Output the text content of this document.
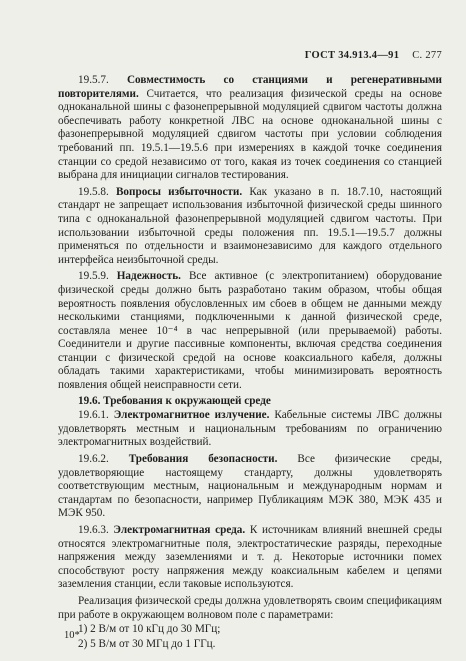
ГОСТ 34.913.4—91 С. 277

19.5.7. Совместимость со станциями и регенеративными повторителями. Считается, что реализация физической среды на основе одноканальной шины с фазонепрерывной модуляцией сдвигом частоты должна обеспечивать работу конкретной ЛВС на основе одноканальной шины с фазонепрерывной модуляцией сдвигом частоты при условии соблюдения требований пп. 19.5.1—19.5.6 при измерениях в каждой точке соединения станции со средой независимо от того, какая из точек соединения со станцией выбрана для инициации сигналов тестирования.

19.5.8. Вопросы избыточности. Как указано в п. 18.7.10, настоящий стандарт не запрещает использования избыточной физической среды шинного типа с одноканальной фазонепрерывной модуляцией сдвигом частоты. При использовании избыточной среды положения пп. 19.5.1—19.5.7 должны применяться по отдельности и взаимонезависимо для каждого отдельного интерфейса неизбыточной среды.

19.5.9. Надежность. Все активное (с электропитанием) оборудование физической среды должно быть разработано таким образом, чтобы общая вероятность появления обусловленных им сбоев в общем не данными между несколькими станциями, подключенными к данной физической среде, составляла менее 10⁻⁴ в час непрерывной (или прерываемой) работы. Соединители и другие пассивные компоненты, включая средства соединения станции с физической средой на основе коаксиального кабеля, должны обладать такими характеристиками, чтобы минимизировать вероятность появления общей неисправности сети.

19.6. Требования к окружающей среде

19.6.1. Электромагнитное излучение. Кабельные системы ЛВС должны удовлетворять местным и национальным требованиям по ограничению электромагнитных воздействий.

19.6.2. Требования безопасности. Все физические среды, удовлетворяющие настоящему стандарту, должны удовлетворять соответствующим местным, национальным и международным нормам и стандартам по безопасности, например Публикациям МЭК 380, МЭК 435 и МЭК 950.

19.6.3. Электромагнитная среда. К источникам влияний внешней среды относятся электромагнитные поля, электростатические разряды, переходные напряжения между заземлениями и т. д. Некоторые источники помех способствуют росту напряжения между коаксиальным кабелем и цепями заземления станции, если таковые используются.

Реализация физической среды должна удовлетворять своим спецификациям при работе в окружающем волновом поле с параметрами:

1) 2 В/м от 10 кГц до 30 МГц;
2) 5 В/м от 30 МГц до 1 ГГц.
10*
